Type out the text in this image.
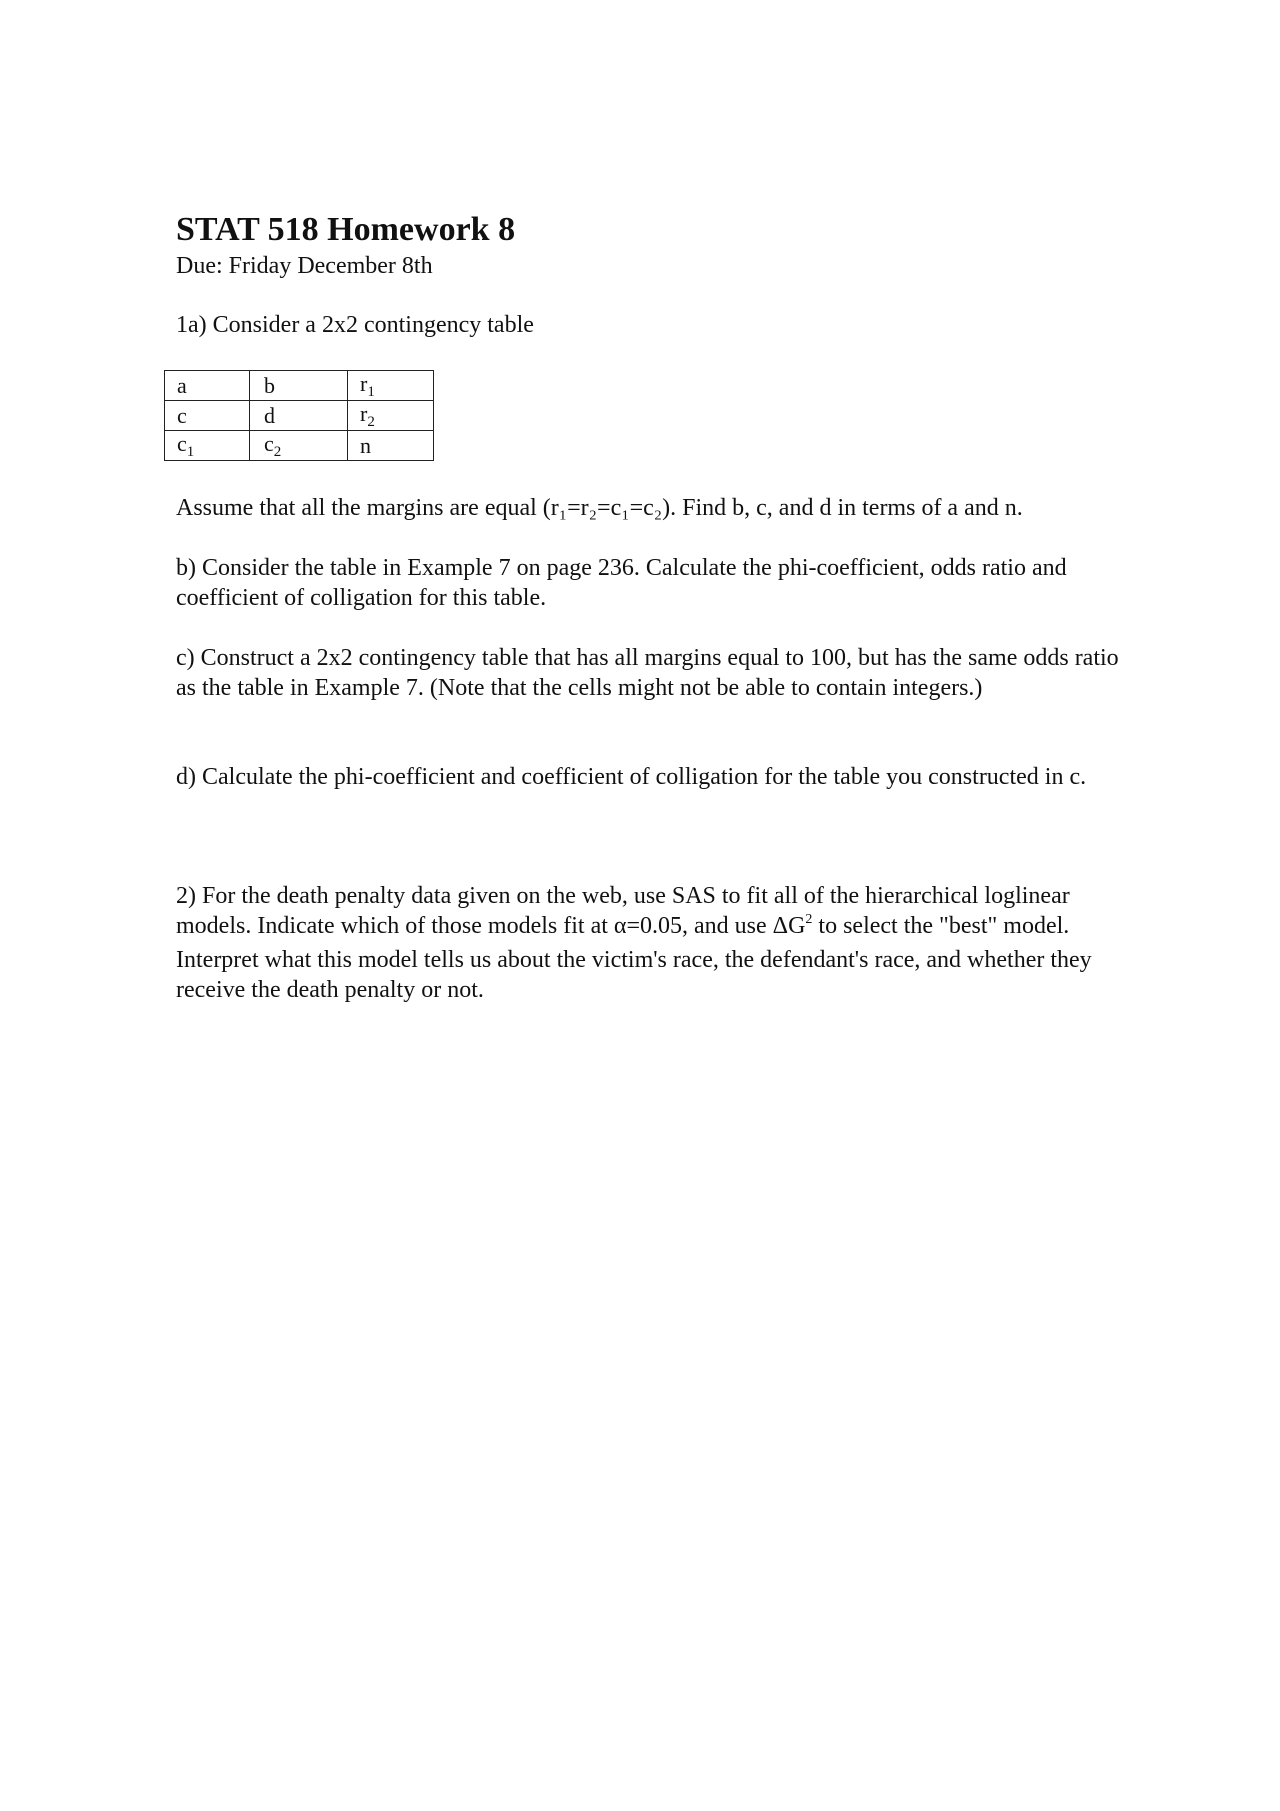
STAT 518 Homework 8
Due: Friday December 8th

1a) Consider a 2x2 contingency table

a	b	$r_1$
c	d	$r_2$
$c_1$	$c_2$	n

Assume that all the margins are equal (r₁=r₂=c₁=c₂). Find b, c, and d in terms of a and n.

b) Consider the table in Example 7 on page 236. Calculate the phi-coefficient, odds ratio and coefficient of colligation for this table.

c) Construct a 2x2 contingency table that has all margins equal to 100, but has the same odds ratio as the table in Example 7. (Note that the cells might not be able to contain integers.)

d) Calculate the phi-coefficient and coefficient of colligation for the table you constructed in c.

2) For the death penalty data given on the web, use SAS to fit all of the hierarchical loglinear models. Indicate which of those models fit at α=0.05, and use $\Delta G^2$ to select the "best" model. Interpret what this model tells us about the victim's race, the defendant's race, and whether they receive the death penalty or not.
